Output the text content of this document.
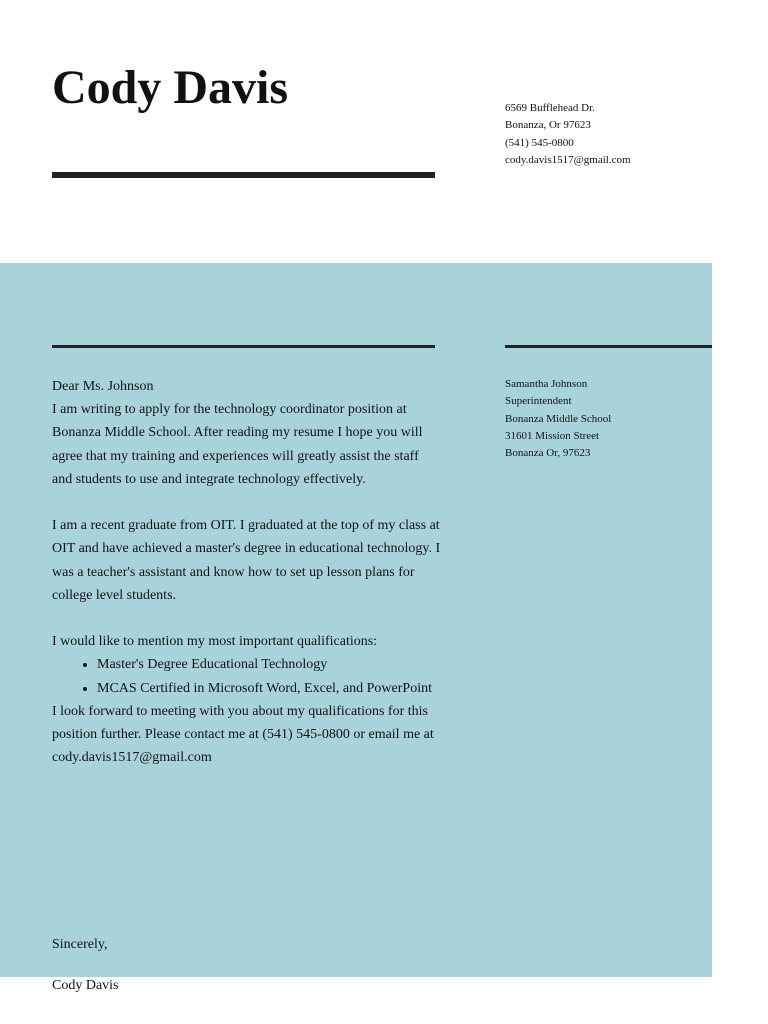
Cody Davis	6569 Bufflehead Dr.
Bonanza, Or 97623
(541) 545-0800
cody.davis1517@gmail.com
Samantha Johnson
Superintendent
Bonanza Middle School
31601 Mission Street
Bonanza Or, 97623

Dear Ms. Johnson

I am writing to apply for the technology coordinator position at Bonanza Middle School. After reading my resume I hope you will agree that my training and experiences will greatly assist the staff and students to use and integrate technology effectively.

I am a recent graduate from OIT. I graduated at the top of my class at OIT and have achieved a master's degree in educational technology. I was a teacher's assistant and know how to set up lesson plans for college level students.

I would like to mention my most important qualifications:

• Master's Degree Educational Technology
• MCAS Certified in Microsoft Word, Excel, and PowerPoint

I look forward to meeting with you about my qualifications for this position further. Please contact me at (541) 545-0800 or email me at cody.davis1517@gmail.com

Sincerely,
Cody Davis
